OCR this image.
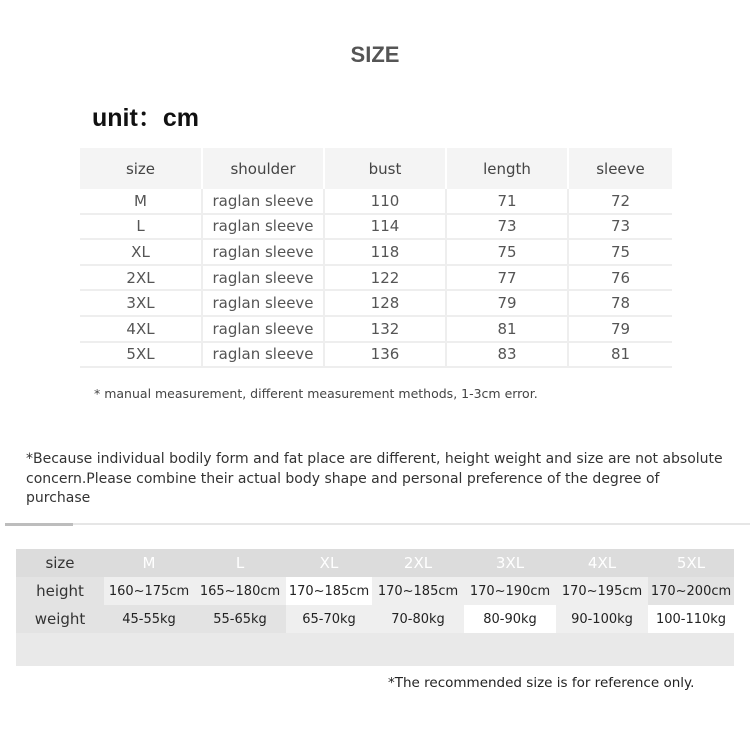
SIZE
unit：cm
size	shoulder	bust	length	sleeve
M	raglan sleeve	110	71	72
L	raglan sleeve	114	73	73
XL	raglan sleeve	118	75	75
2XL	raglan sleeve	122	77	76
3XL	raglan sleeve	128	79	78
4XL	raglan sleeve	132	81	79
5XL	raglan sleeve	136	83	81
* manual measurement, different measurement methods, 1-3cm error.
*Because individual bodily form and fat place are different, height weight and size are not absolute concern.Please combine their actual body shape and personal preference of the degree of purchase
size	M	L	XL	2XL	3XL	4XL	5XL
height	160~175cm 165~180cm 170~185cm 170~185cm 170~190cm 170~195cm 170~200cm
weight	45-55kg	55-65kg	65-70kg	70-80kg	80-90kg	90-100kg	100-110kg
*The recommended size is for reference only.
